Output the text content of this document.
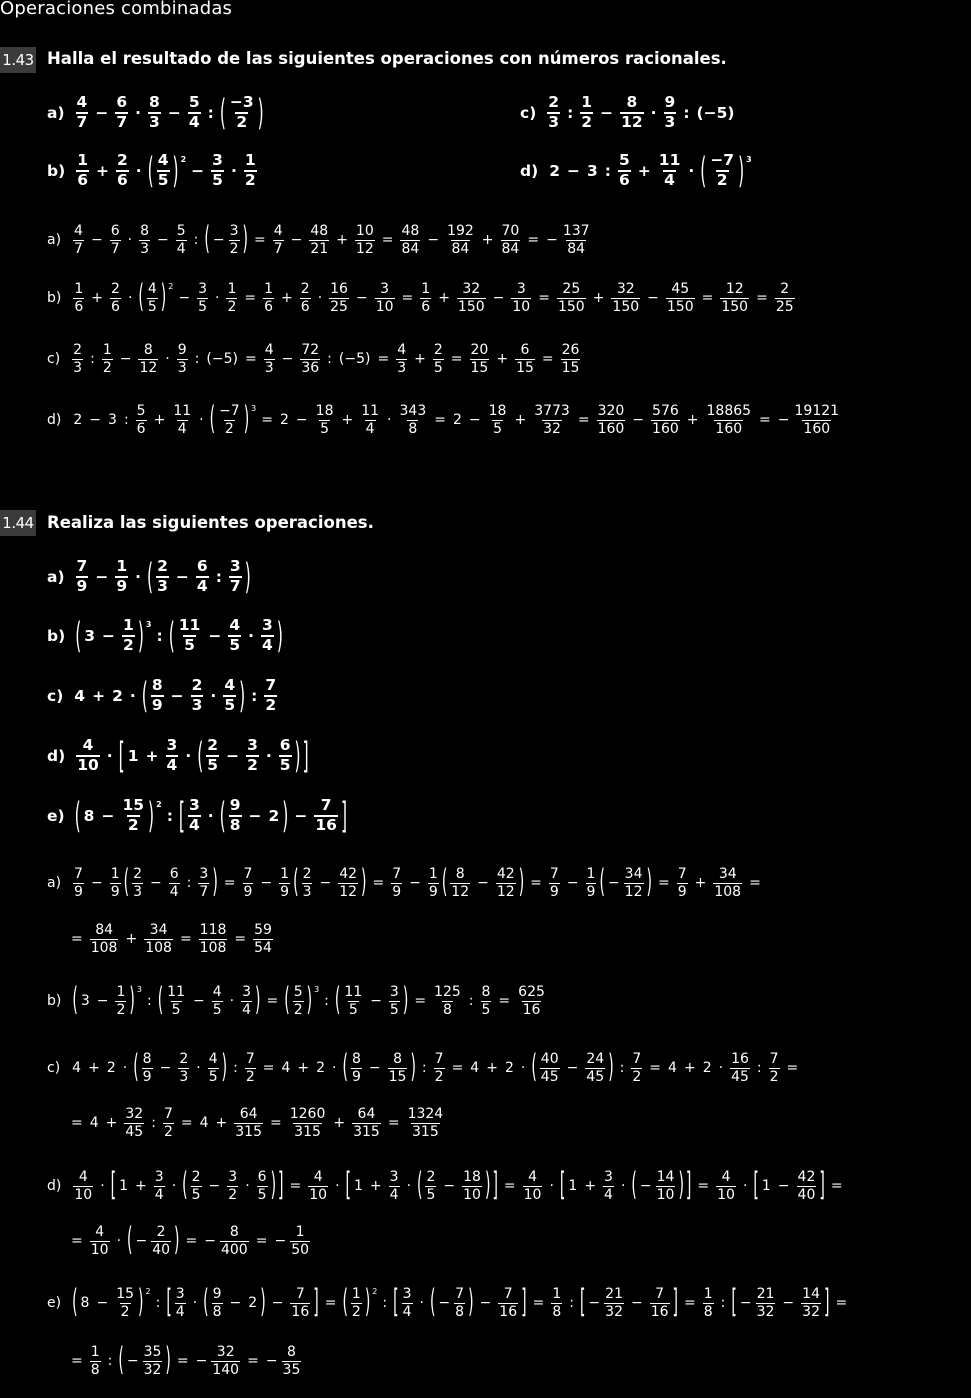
Operaciones combinadas
1.43 Halla el resultado de las siguientes operaciones con números racionales.
$a) \frac{4}{7} - \frac{6}{7} \cdot \frac{8}{3} - \frac{5}{4}$ : ( $\frac{-3}{2}$ )	$c) \frac{2}{3}$ : $\frac{1}{2} - \frac{8}{12} \cdot \frac{9}{3}$ : (−5)
$b) \frac{1}{6} + \frac{2}{6}$ · ( $\frac{4}{5}$ ) 2
− $\frac{3}{5} \cdot \frac{1}{2}$	d) 2 − 3 : $\frac{5}{6} + \frac{11}{4}$ · ( $\frac{-7}{2}$ ) 3
$a) \frac{4}{7} - \frac{6}{7} \cdot \frac{8}{3} - \frac{5}{4}$ : ( − $\frac{3}{2}$ ) = $\frac{4}{7} - \frac{48}{21} + \frac{10}{12} = \frac{48}{84} - \frac{192}{84} + \frac{70}{84}$ = − $\frac{137}{84}$
$b) \frac{1}{6} + \frac{2}{6}$ · ( $\frac{4}{5}$ ) 2
− $\frac{3}{5} \cdot \frac{1}{2} = \frac{1}{6} + \frac{2}{6} \cdot \frac{16}{25} - \frac{3}{10} = \frac{1}{6} + \frac{32}{150} - \frac{3}{10} = \frac{25}{150} + \frac{32}{150} - \frac{45}{150} = \frac{12}{150} = \frac{2}{25}$
$c) \frac{2}{3}$ : $\frac{1}{2} - \frac{8}{12} \cdot \frac{9}{3}$ : $(-5) = \frac{4}{3} - \frac{72}{36}$ : $(-5) = \frac{4}{3} + \frac{2}{5} = \frac{20}{15} + \frac{6}{15} = \frac{26}{15}$
d) 2 − 3 : $\frac{5}{6} + \frac{11}{4}$ · ( $\frac{-7}{2}$ ) 3
= $2 - \frac{18}{5} + \frac{11}{4} \cdot \frac{343}{8} = 2 - \frac{18}{5} + \frac{3773}{32} = \frac{320}{160} - \frac{576}{160} + \frac{18865}{160}$ = − $\frac{19121}{160}$
1.44 Realiza las siguientes operaciones.
$a) \frac{7}{9} - \frac{1}{9}$ · ( $\frac{2}{3} - \frac{6}{4}$ : $\frac{3}{7}$ )
b) ( $3 - \frac{1}{2}$ ) 3
: ( $\frac{11}{5} - \frac{4}{5} \cdot \frac{3}{4}$ )
c) 4 + 2 · ( $\frac{8}{9} - \frac{2}{3} \cdot \frac{4}{5}$ ) : $\frac{7}{2}$
$d) \frac{4}{10}$ · [ $1 + \frac{3}{4}$ · ( $\frac{2}{5} - \frac{3}{2} \cdot \frac{6}{5}$ ) ]
e) ( $8 - \frac{15}{2}$ ) 2
: [ $\frac{3}{4}$ · ( $\frac{9}{8} - 2$ ) − $\frac{7}{16}$ ]
$a) \frac{7}{9} - \frac{1}{9}$ ( $\frac{2}{3} - \frac{6}{4}$ : $\frac{3}{7}$ ) = $\frac{7}{9} - \frac{1}{9}$ ( $\frac{2}{3} - \frac{42}{12}$ ) = $\frac{7}{9} - \frac{1}{9}$ ( $\frac{8}{12} - \frac{42}{12}$ ) = $\frac{7}{9} - \frac{1}{9}$ ( − $\frac{34}{12}$ ) = $\frac{7}{9} + \frac{34}{108}$ =
= $\frac{84}{108} + \frac{34}{108} = \frac{118}{108} = \frac{59}{54}$
b) ( $3 - \frac{1}{2}$ ) 3
: ( $\frac{11}{5} - \frac{4}{5} \cdot \frac{3}{4}$ ) = ( $\frac{5}{2}$ ) 3
: ( $\frac{11}{5} - \frac{3}{5}$ ) = $\frac{125}{8}$ : $\frac{8}{5} = \frac{625}{16}$
c) 4 + 2 · ( $\frac{8}{9} - \frac{2}{3} \cdot \frac{4}{5}$ ) : $\frac{7}{2} = 4 + 2$ · ( $\frac{8}{9} - \frac{8}{15}$ ) : $\frac{7}{2} = 4 + 2$ · ( $\frac{40}{45} - \frac{24}{45}$ ) : $\frac{7}{2} = 4 + 2 \cdot \frac{16}{45}$ : $\frac{7}{2}$ =
= $4 + \frac{32}{45}$ : $\frac{7}{2} = 4 + \frac{64}{315} = \frac{1260}{315} + \frac{64}{315} = \frac{1324}{315}$
$d) \frac{4}{10}$ · [ $1 + \frac{3}{4}$ · ( $\frac{2}{5} - \frac{3}{2} \cdot \frac{6}{5}$ ) ] = $\frac{4}{10}$ · [ $1 + \frac{3}{4}$ · ( $\frac{2}{5} - \frac{18}{10}$ ) ] = $\frac{4}{10}$ · [ $1 + \frac{3}{4}$ · ( − $\frac{14}{10}$ ) ] = $\frac{4}{10}$ · [ $1 - \frac{42}{40}$ ] =
= $\frac{4}{10}$ · ( − $\frac{2}{40}$ ) = − $\frac{8}{400}$ = − $\frac{1}{50}$
e) ( $8 - \frac{15}{2}$ ) 2
: [ $\frac{3}{4}$ · ( $\frac{9}{8} - 2$ ) − $\frac{7}{16}$ ] = ( $\frac{1}{2}$ ) 2
: [ $\frac{3}{4}$ · ( − $\frac{7}{8}$ ) − $\frac{7}{16}$ ] = $\frac{1}{8}$ : [ − $\frac{21}{32} - \frac{7}{16}$ ] = $\frac{1}{8}$ : [ − $\frac{21}{32} - \frac{14}{32}$ ] =
= $\frac{1}{8}$ : ( − $\frac{35}{32}$ ) = − $\frac{32}{140}$ = − $\frac{8}{35}$
